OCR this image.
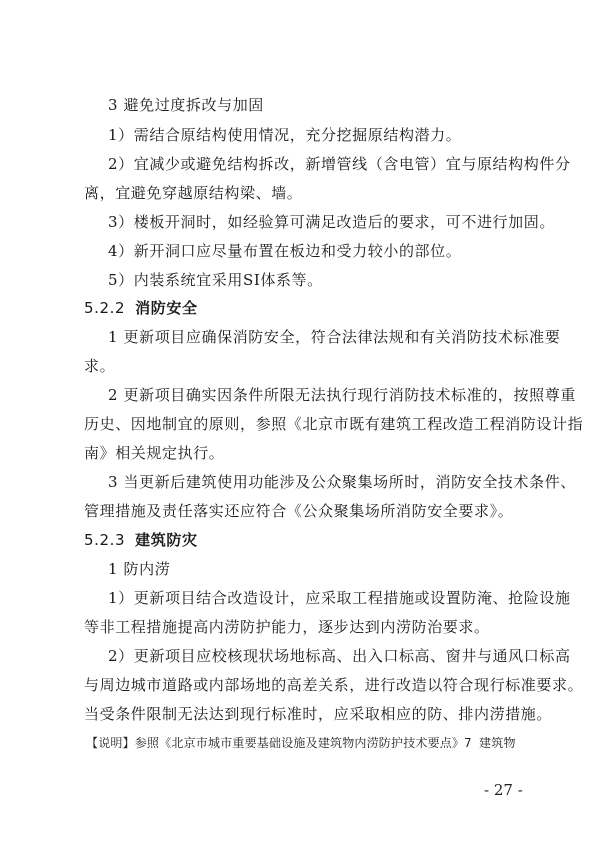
3 避免过度拆改与加固
1）需结合原结构使用情况，充分挖掘原结构潜力。
2）宜减少或避免结构拆改，新增管线（含电管）宜与原结构构件分
离，宜避免穿越原结构梁、墙。
3）楼板开洞时，如经验算可满足改造后的要求，可不进行加固。
4）新开洞口应尽量布置在板边和受力较小的部位。
5）内装系统宜采用SI体系等。
5.2.2 消防安全
1 更新项目应确保消防安全，符合法律法规和有关消防技术标准要
求。
2 更新项目确实因条件所限无法执行现行消防技术标准的，按照尊重
历史、因地制宜的原则，参照《北京市既有建筑工程改造工程消防设计指
南》相关规定执行。
3 当更新后建筑使用功能涉及公众聚集场所时，消防安全技术条件、
管理措施及责任落实还应符合《公众聚集场所消防安全要求》。
5.2.3 建筑防灾
1 防内涝
1）更新项目结合改造设计，应采取工程措施或设置防淹、抢险设施
等非工程措施提高内涝防护能力，逐步达到内涝防治要求。
2）更新项目应校核现状场地标高、出入口标高、窗井与通风口标高
与周边城市道路或内部场地的高差关系，进行改造以符合现行标准要求。
当受条件限制无法达到现行标准时，应采取相应的防、排内涝措施。
【说明】参照《北京市城市重要基础设施及建筑物内涝防护技术要点》7 建筑物
- 27 -
